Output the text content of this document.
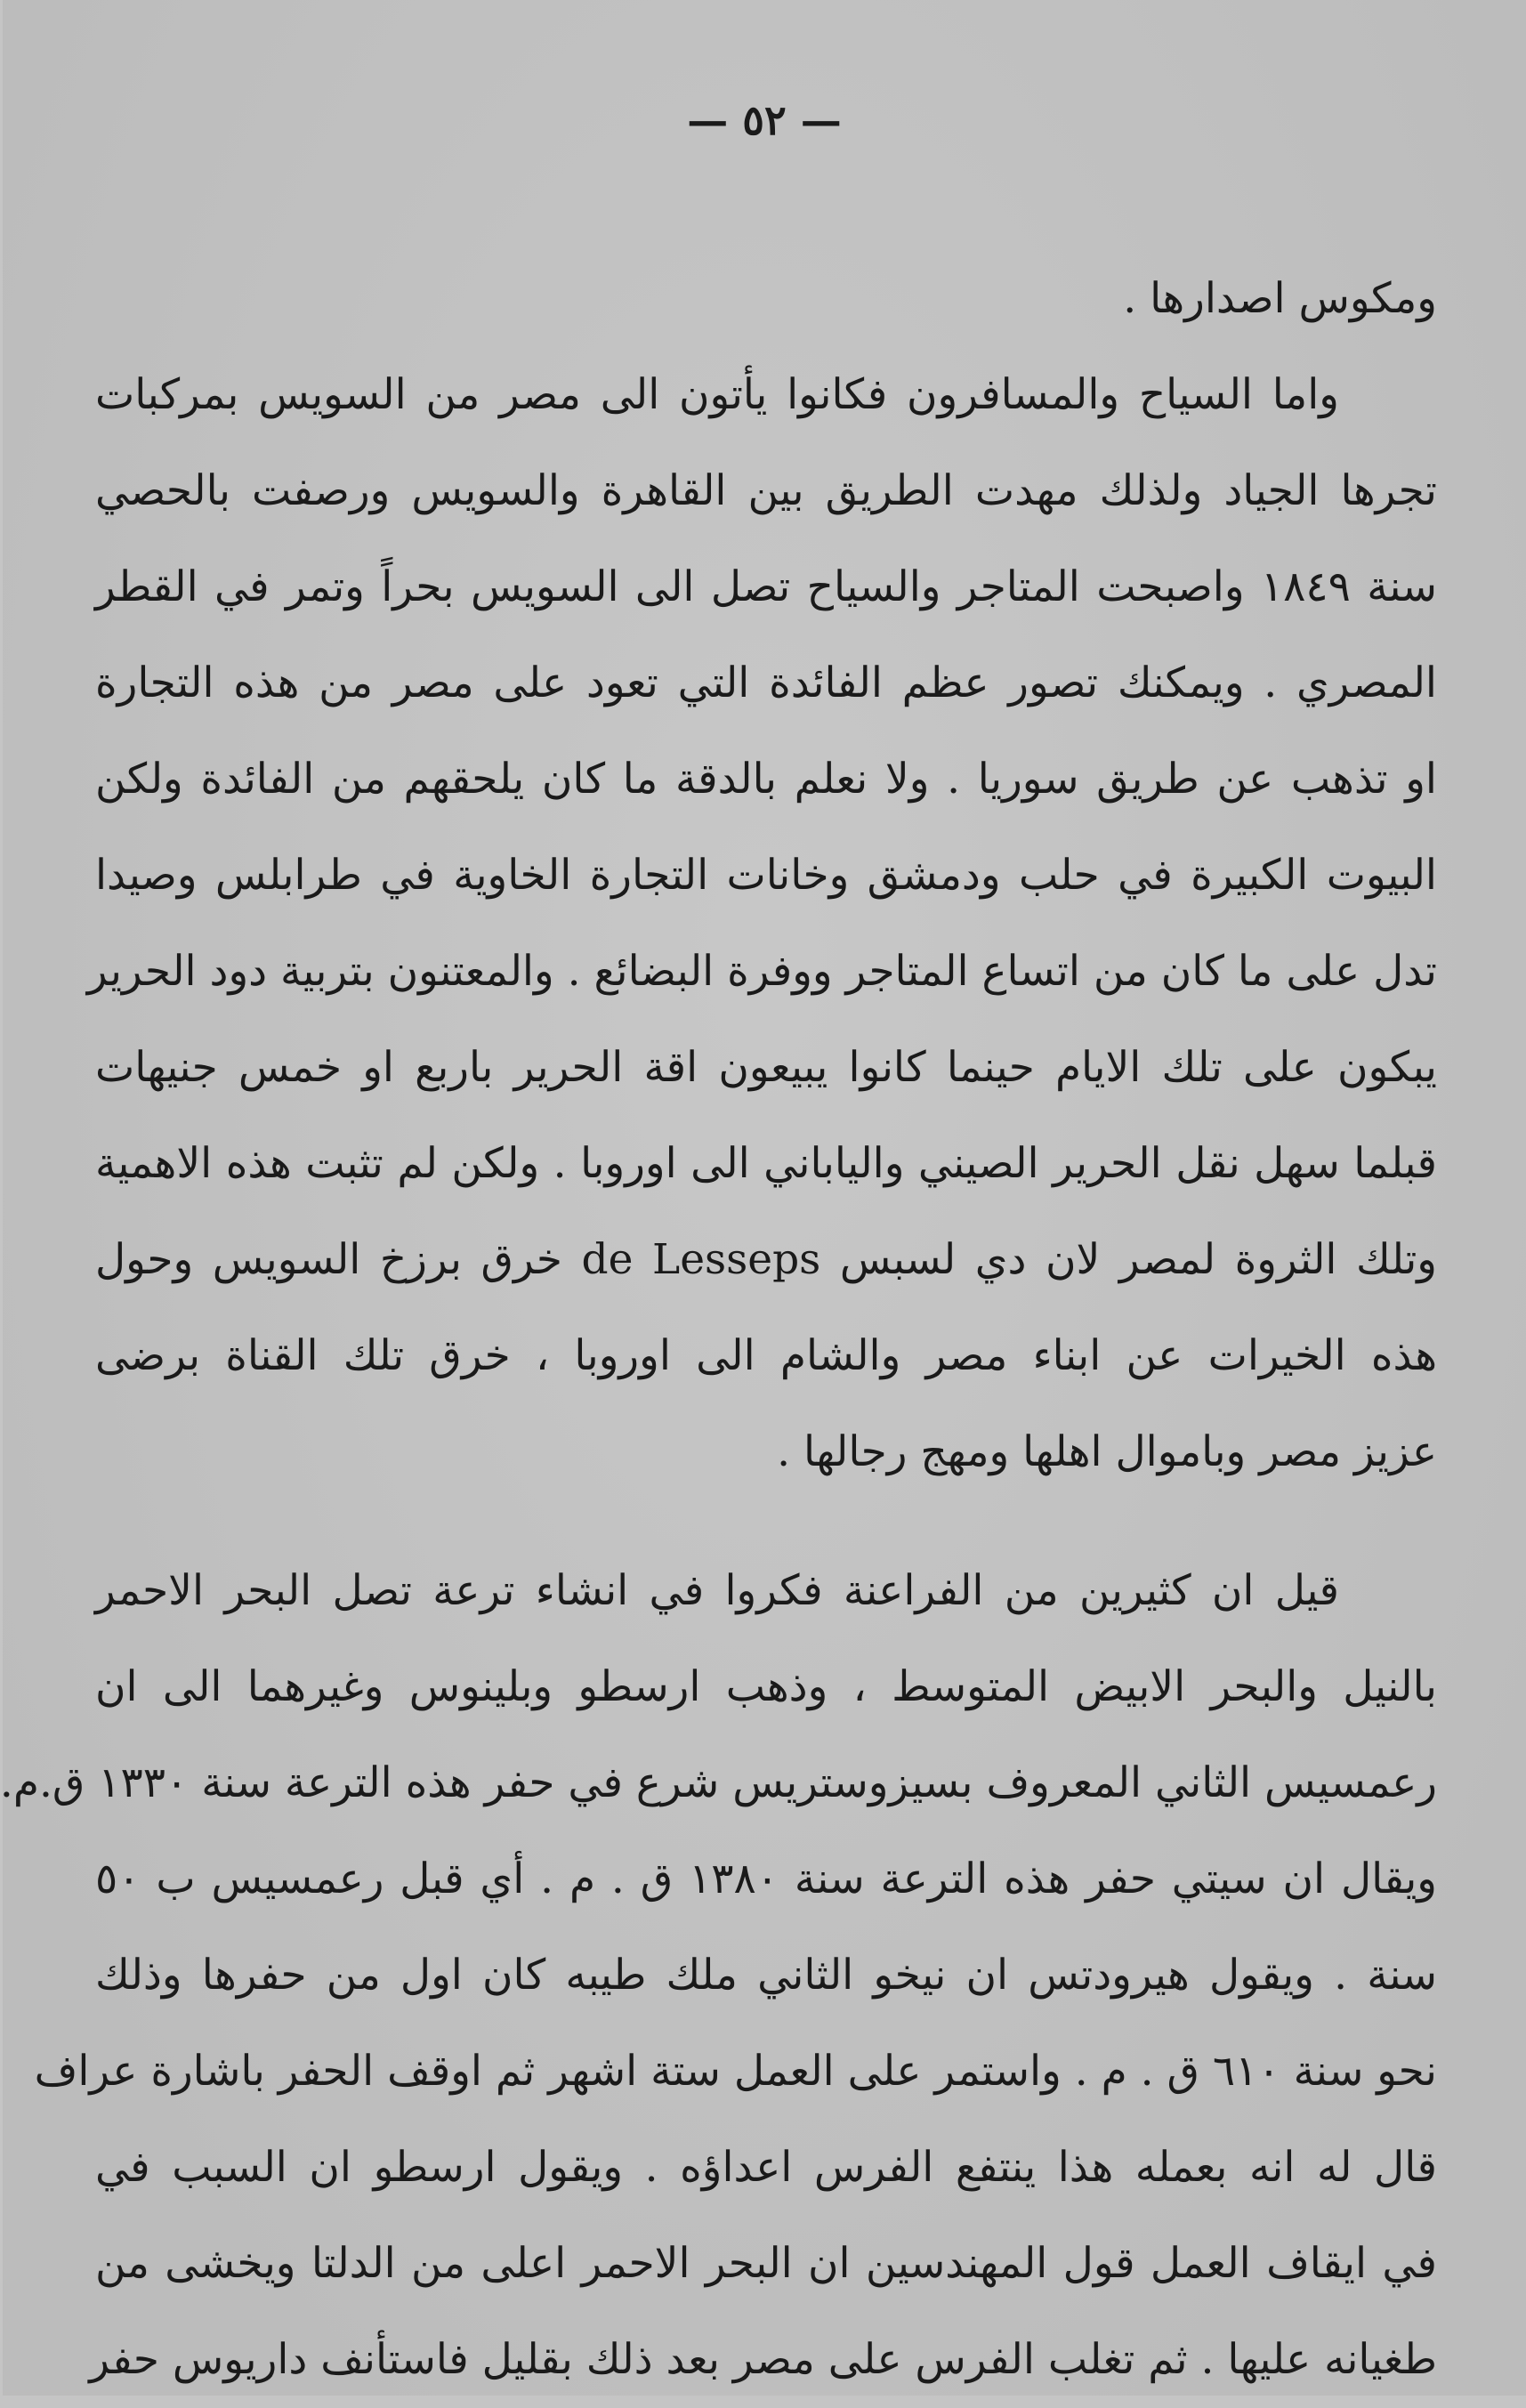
— ٥٢ —
ومكوس اصدارها .
واما السياح والمسافرون فكانوا يأتون الى مصر من السويس بمركبات
تجرها الجياد ولذلك مهدت الطريق بين القاهرة والسويس ورصفت بالحصي
سنة ١٨٤٩ واصبحت المتاجر والسياح تصل الى السويس بحراً وتمر في القطر
المصري . ويمكنك تصور عظم الفائدة التي تعود على مصر من هذه التجارة
او تذهب عن طريق سوريا . ولا نعلم بالدقة ما كان يلحقهم من الفائدة ولكن
البيوت الكبيرة في حلب ودمشق وخانات التجارة الخاوية في طرابلس وصيدا
تدل على ما كان من اتساع المتاجر ووفرة البضائع . والمعتنون بتربية دود الحرير
يبكون على تلك الايام حينما كانوا يبيعون اقة الحرير باربع او خمس جنيهات
قبلما سهل نقل الحرير الصيني والياباني الى اوروبا . ولكن لم تثبت هذه الاهمية
وتلك الثروة لمصر لان دي لسبس de Lesseps خرق برزخ السويس وحول
هذه الخيرات عن ابناء مصر والشام الى اوروبا ، خرق تلك القناة برضى
عزيز مصر وباموال اهلها ومهج رجالها .
قيل ان كثيرين من الفراعنة فكروا في انشاء ترعة تصل البحر الاحمر
بالنيل والبحر الابيض المتوسط ، وذهب ارسطو وبلينوس وغيرهما الى ان
رعمسيس الثاني المعروف بسيزوستريس شرع في حفر هذه الترعة سنة ١٣٣٠ ق.م.
ويقال ان سيتي حفر هذه الترعة سنة ١٣٨٠ ق . م . أي قبل رعمسيس ب ٥٠
سنة . ويقول هيرودتس ان نيخو الثاني ملك طيبه كان اول من حفرها وذلك
نحو سنة ٦١٠ ق . م . واستمر على العمل ستة اشهر ثم اوقف الحفر باشارة عراف
قال له انه بعمله هذا ينتفع الفرس اعداؤه . ويقول ارسطو ان السبب في
في ايقاف العمل قول المهندسين ان البحر الاحمر اعلى من الدلتا ويخشى من
طغيانه عليها . ثم تغلب الفرس على مصر بعد ذلك بقليل فاستأنف داريوس حفر
